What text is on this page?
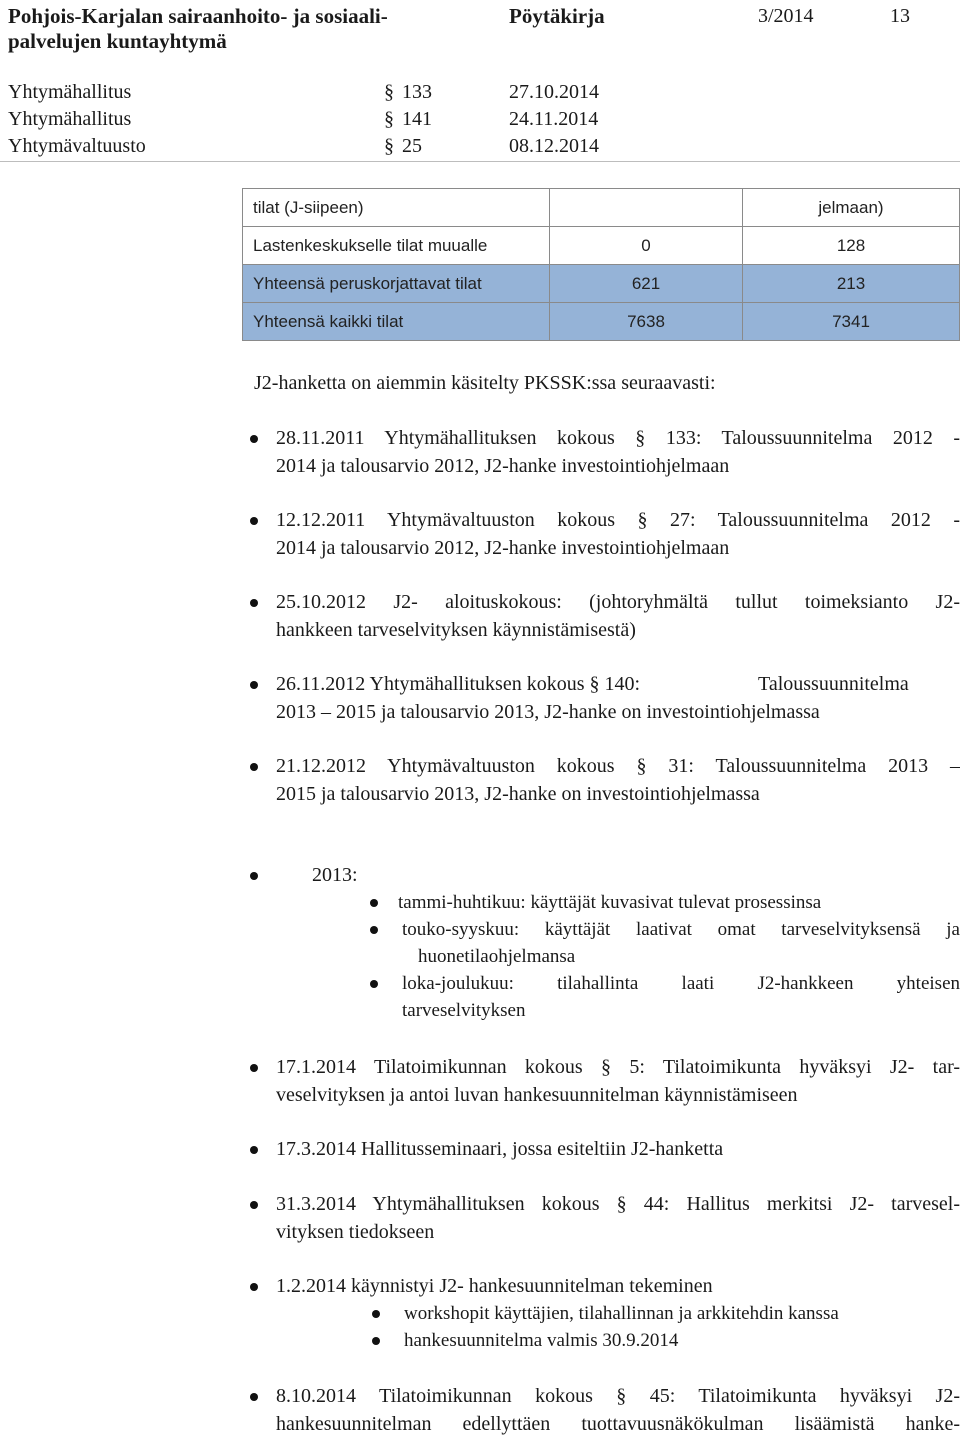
Pohjois-Karjalan sairaanhoito- ja sosiaali-
palvelujen kuntayhtymä
Pöytäkirja	3/2014	13
Yhtymähallitus	§ 133	27.10.2014
Yhtymähallitus	§ 141	24.11.2014
Yhtymävaltuusto	§ 25	08.12.2014
tilat (J-siipeen)		jelmaan)
Lastenkeskukselle tilat muualle	0	128
Yhteensä peruskorjattavat tilat	621	213
Yhteensä kaikki tilat	7638	7341
J2-hanketta on aiemmin käsitelty PKSSK:ssa seuraavasti:
28.11.2011 Yhtymähallituksen kokous § 133: Taloussuunnitelma 2012 -
2014 ja talousarvio 2012, J2-hanke investointiohjelmaan
12.12.2011 Yhtymävaltuuston kokous § 27: Taloussuunnitelma 2012 -
2014 ja talousarvio 2012, J2-hanke investointiohjelmaan
25.10.2012 J2- aloituskokous: (johtoryhmältä tullut toimeksianto J2-
hankkeen tarveselvityksen käynnistämisestä)
26.11.2012 Yhtymähallituksen kokous § 140:	Taloussuunnitelma
2013 – 2015 ja talousarvio 2013, J2-hanke on investointiohjelmassa
21.12.2012 Yhtymävaltuuston kokous § 31: Taloussuunnitelma 2013 –
2015 ja talousarvio 2013, J2-hanke on investointiohjelmassa
2013:
tammi-huhtikuu: käyttäjät kuvasivat tulevat prosessinsa
touko-syyskuu: käyttäjät laativat omat tarveselvityksensä ja
huonetilaohjelmansa
loka-joulukuu: tilahallinta laati J2-hankkeen yhteisen
tarveselvityksen
17.1.2014 Tilatoimikunnan kokous § 5: Tilatoimikunta hyväksyi J2- tar-
veselvityksen ja antoi luvan hankesuunnitelman käynnistämiseen
17.3.2014 Hallitusseminaari, jossa esiteltiin J2-hanketta
31.3.2014 Yhtymähallituksen kokous § 44: Hallitus merkitsi J2- tarvesel-
vityksen tiedokseen
1.2.2014 käynnistyi J2- hankesuunnitelman tekeminen
workshopit käyttäjien, tilahallinnan ja arkkitehdin kanssa
hankesuunnitelma valmis 30.9.2014
8.10.2014 Tilatoimikunnan kokous § 45: Tilatoimikunta hyväksyi J2-
hankesuunnitelman edellyttäen tuottavuusnäkökulman lisäämistä hanke-
